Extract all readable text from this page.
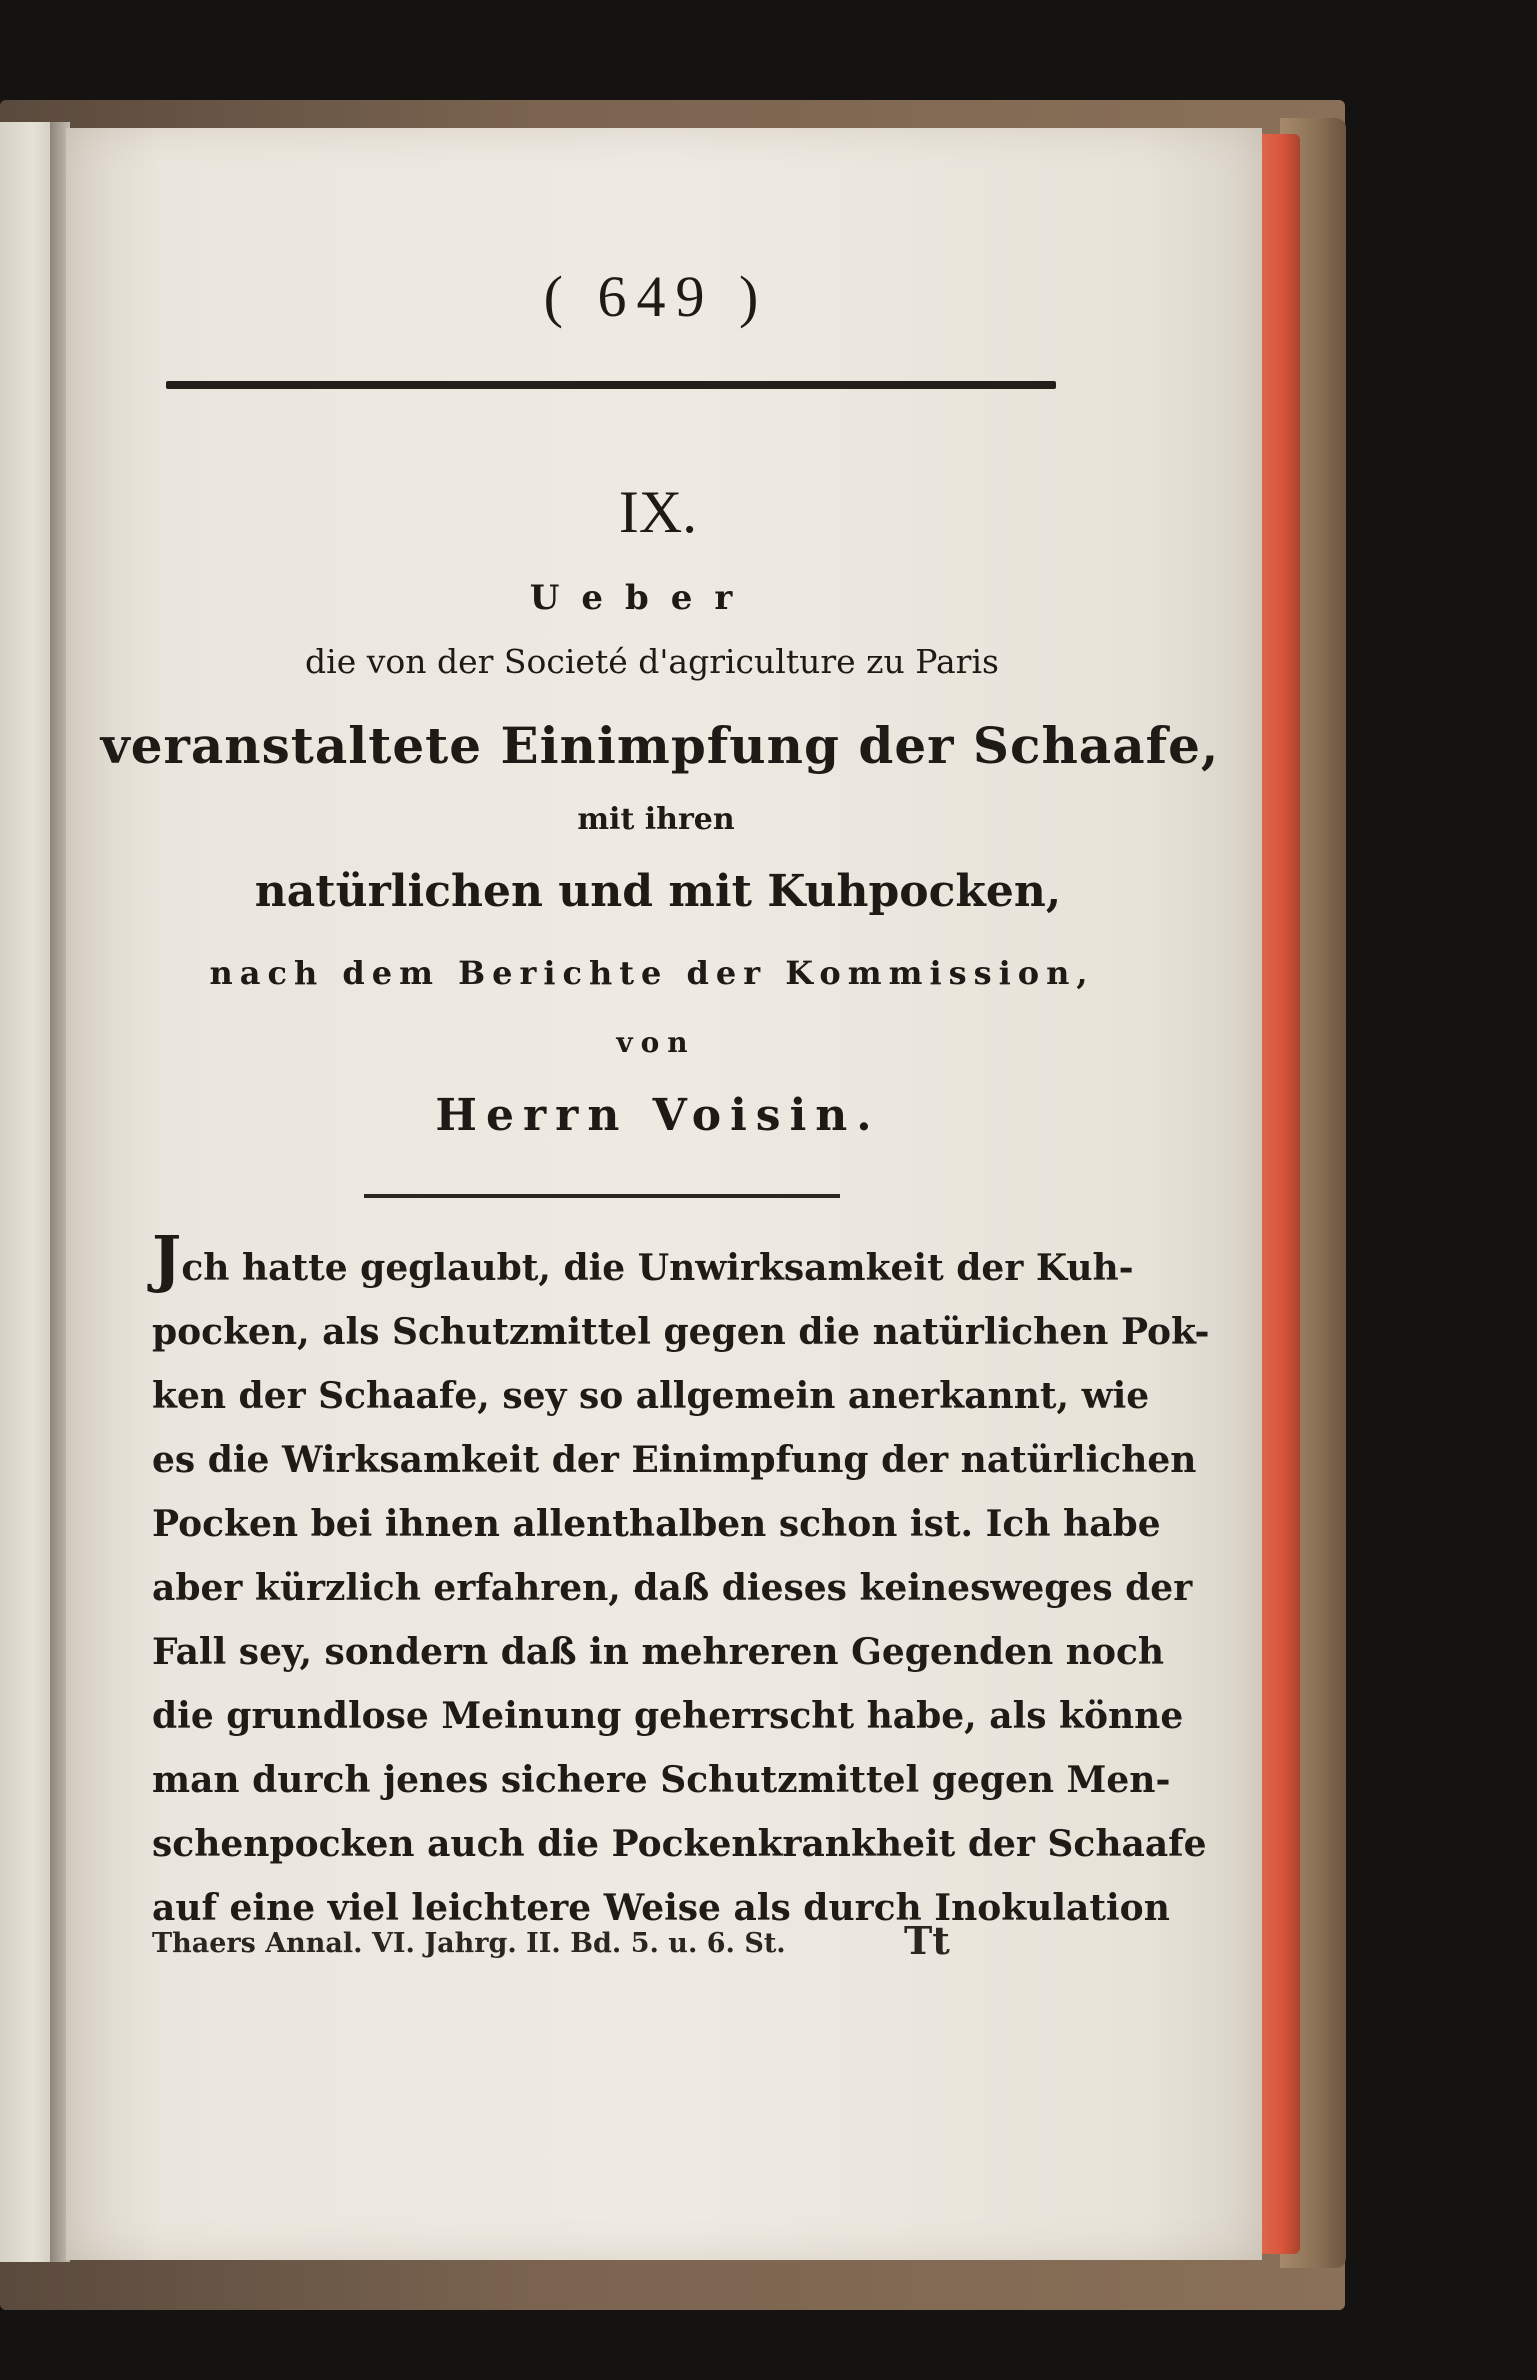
( 649 )
IX.
Ueber
die von der Societé d'agriculture zu Paris
veranstaltete Einimpfung der Schaafe,
mit ihren
natürlichen und mit Kuhpocken,
nach dem Berichte der Kommission,
von
Herrn Voisin.
Jch hatte geglaubt, die Unwirksamkeit der Kuh-
pocken, als Schutzmittel gegen die natürlichen Pok-
ken der Schaafe, sey so allgemein anerkannt, wie
es die Wirksamkeit der Einimpfung der natürlichen
Pocken bei ihnen allenthalben schon ist. Ich habe
aber kürzlich erfahren, daß dieses keinesweges der
Fall sey, sondern daß in mehreren Gegenden noch
die grundlose Meinung geherrscht habe, als könne
man durch jenes sichere Schutzmittel gegen Men-
schenpocken auch die Pockenkrankheit der Schaafe
auf eine viel leichtere Weise als durch Inokulation
Thaers Annal. VI. Jahrg. II. Bd. 5. u. 6. St.	Tt
